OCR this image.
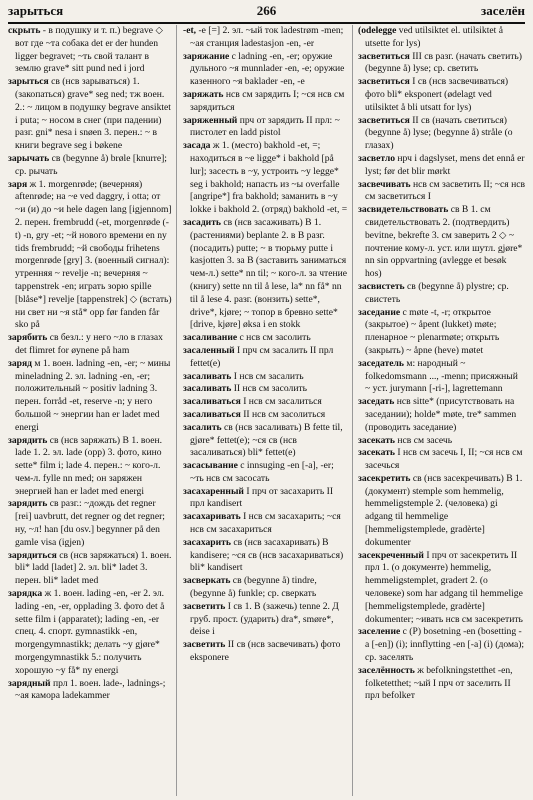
зарыться	266	заселён
скрыть - в подушку и т. п.) begrave ◇ вот где ~та собака det er der hunden ligger begravet; ~ть свой талант в землю grave* sitt pund ned i jord
зарыться св (нсв зарываться) 1. (закопаться) grave* seg ned; тж воен. 2.: ~ лицом в подушку begrave ansiktet i puta; ~ носом в снег (при падении) разг. gni* nesa i snøen 3. перен.: ~ в книги begrave seg i bøkene
зарычать св (begynne å) brøle [knurre]; ср. рычать
заря ж 1. morgenrøde; (вечерняя) aftenrøde; на ~е ved daggry, i otta; от ~и (и) до ~и hele dagen lang [igjennom] 2. перен. frembrudd (-et, morgenrøde (-t) -n, gry -et; ~й нового времени en ny tids frembrudd; ~й свободы frihetens morgenrøde [gry] 3. (военный сигнал): утренняя ~ revelje -n; вечерняя ~ tappenstrek -en; играть зорю spille [blåse*] revelje [tappenstrek] ◇ (встать) ни свет ни ~я stå* opp før fanden får sko på
зарябить св безл.: у него ~ло в глазах det flimret for øynene på ham
заряд м 1. воен. ladning -en, -er; ~ мины mineladning 2. эл. ladning -en, -er; положительный ~ positiv ladning 3. перен. forråd -et, reserve -n; у него большой ~ энергии han er ladet med energi
зарядить св (нсв заряжать) В 1. воен. lade 1. 2. эл. lade (opp) 3. фото, кино sette* film i; lade 4. перен.: ~ кого-л. чем-л. fylle nn med; он заряжен энергией han er ladet med energi
зарядить св разг.: ~дождь det regner [rei] uavbrutt, det regner og det regner; ну, ~л! han [du osv.] begynner på den gamle visa (igjen)
зарядиться св (нсв заряжаться) 1. воен. bli* ladd [ladet] 2. эл. bli* ladet 3. перен. bli* ladet med
зарядка ж 1. воен. lading -en, -er 2. эл. lading -en, -er, opplading 3. фото det å sette film i (apparatet); lading -en, -er спец. 4. спорт. gymnastikk -en, morgengymnastikk; делать ~у gjøre* morgengymnastikk 5.: получить хорошую ~у få* ny energi
зарядный прл 1. воен. lade-, ladnings-; ~ая камора ladekammer
-et, -e [=] 2. эл. ~ый ток ladestrøm -men; ~ая станция ladestasjon -en, -er
заряжание с ladning -en, -er; оружие дульного ~я munnlader -en, -e; оружие казенного ~я baklader -en, -e
заряжать нсв см зарядить I; ~ся нсв см зарядиться
заряженный прч от зарядить II прл: ~ пистолет en ladd pistol
засада ж 1. (место) bakhold -et, =; находиться в ~е ligge* i bakhold [på lur]; засесть в ~у, устроить ~у legge* seg i bakhold; напасть из ~ы overfalle [angripe*] fra bakhold; заманить в ~у lokke i bakhold 2. (отряд) bakhold -et, =
засадить св (нсв засаживать) В 1. (растениями) beplante 2. в В разг. (посадить) putte; ~ в тюрьму putte i kasjotten 3. за В (заставить заниматься чем-л.) sette* nn til; ~ кого-л. за чтение (книгу) sette nn til å lese, la* nn få* nn til å lese 4. разг. (вонзить) sette*, drive*, kjøre; ~ топор в бревно sette* [drive, kjøre] øksa i en stokk
засаливание с нсв см засолить
засаленный I прч см засалить II прл fettet(e)
засаливать I нсв см засалить
засаливать II нсв см засолить
засаливаться I нсв см засалиться
засаливаться II нсв см засолиться
засалить св (нсв засаливать) В fette til, gjøre* fettet(e); ~ся св (нсв засаливаться) bli* fettet(e)
засасывание с innsuging -en [-a], -er; ~ть нсв см засосать
засахаренный I прч от засахарить II прл kandisert
засахаривать I нсв см засахарить; ~ся нсв см засахариться
засахарить св (нсв засахаривать) В kandisere; ~ся св (нсв засахариваться) bli* kandisert
засверкать св (begynne å) tindre, (begynne å) funkle; ср. сверкать
засветить I св 1. В (зажечь) tenne 2. Д груб. прост. (ударить) dra*, smøre*, deise i
засветить II св (нсв засвечивать) фото eksponere
(odelegge ved utilsiktet el. utilsiktet å utsette for lys)
засветиться III св разг. (начать светить) (begynne å) lyse; ср. светить
засветиться I св (нсв засвечиваться) фото bli* eksponert (ødelagt ved utilsiktet å bli utsatt for lys)
засветиться II св (начать светиться) (begynne å) lyse; (begynne å) stråle (о глазах)
засветло нрч i dagslyset, mens det ennå er lyst; før det blir mørkt
засвечивать нсв см засветить II; ~ся нсв см засветиться I
засвидетельствовать св В 1. см свидетельствовать 2. (подтвердить) bevitne, bekrefte 3. см заверить 2 ◇ ~ почтение кому-л. уст. или шутл. gjøre* nn sin oppvartning (avlegge et besøk hos)
засвистеть св (begynne å) plystre; ср. свистеть
заседание с møte -t, -r; открытое (закрытое) ~ åpent (lukket) møte; пленарное ~ plenarmøte; открыть (закрыть) ~ åpne (heve) møtet
заседатель м: народный ~ folkedomsmann ..., -menn; присяжный ~ уст. jurymann [-ri-], lagrettemann
заседать нсв sitte* (присутствовать на заседании); holde* møte, tre* sammen (проводить заседание)
засекать нсв см засечь
засекать I нсв см засечь I, II; ~ся нсв см засечься
засекретить св (нсв засекречивать) В 1. (документ) stemple som hemmelig, hemmeligstemple 2. (человека) gi adgang til hemmelige [hemmeligstemplede, gradèrte] dokumenter
засекреченный I прч от засекретить II прл 1. (о документе) hemmelig, hemmeligstemplet, gradert 2. (о человеке) som har adgang til hemmelige [hemmeligstemplede, gradèrte] dokumenter; ~ивать нсв см засекретить
заселение с (Р) bosetning -en (bosetting -a [-en]) (i); innflytting -en [-a] (i) (дома); ср. заселять
заселённость ж befolkningstetthet -en, folketetthet; ~ый I прч от заселить II прл befolkeт
